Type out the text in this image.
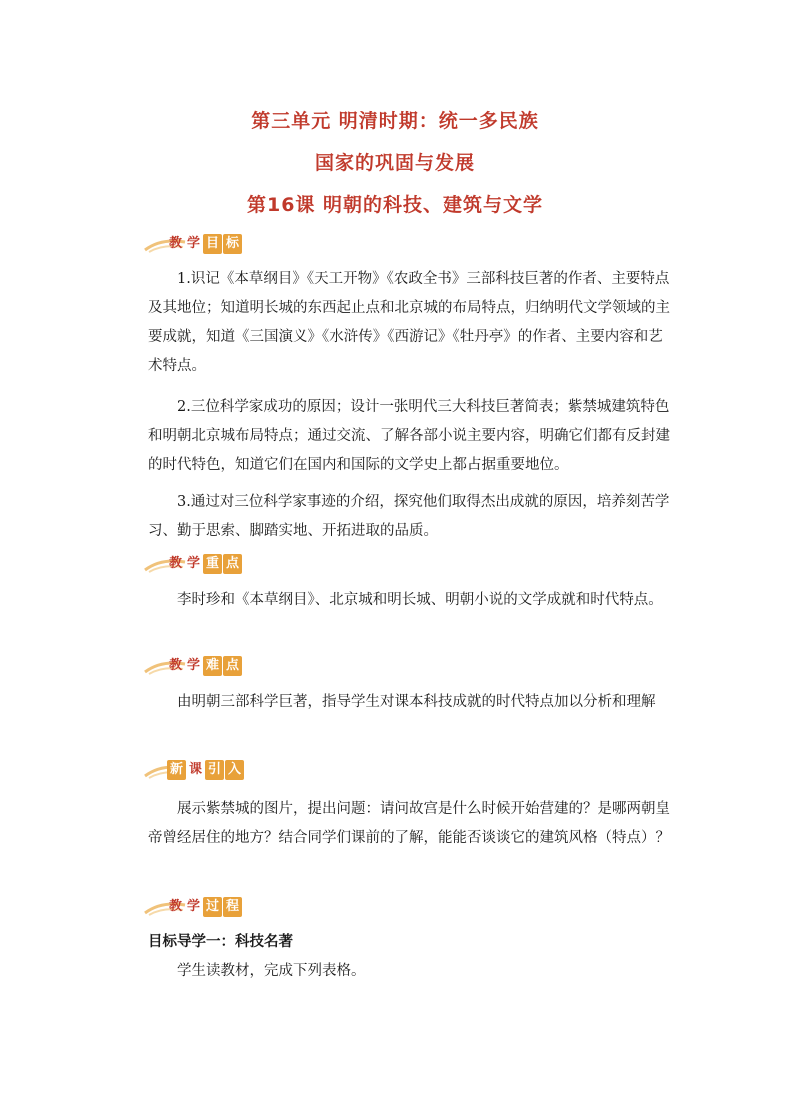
第三单元 明清时期：统一多民族
国家的巩固与发展
第16课 明朝的科技、建筑与文学
教 学 目 标

1.识记《本草纲目》《天工开物》《农政全书》三部科技巨著的作者、主要特点及其地位；知道明长城的东西起止点和北京城的布局特点，归纳明代文学领域的主要成就，知道《三国演义》《水浒传》《西游记》《牡丹亭》的作者、主要内容和艺术特点。

2.三位科学家成功的原因；设计一张明代三大科技巨著简表；紫禁城建筑特色和明朝北京城布局特点；通过交流、了解各部小说主要内容，明确它们都有反封建的时代特色，知道它们在国内和国际的文学史上都占据重要地位。

3.通过对三位科学家事迹的介绍，探究他们取得杰出成就的原因，培养刻苦学习、勤于思索、脚踏实地、开拓进取的品质。

教 学 重 点

李时珍和《本草纲目》、北京城和明长城、明朝小说的文学成就和时代特点。

教 学 难 点

由明朝三部科学巨著，指导学生对课本科技成就的时代特点加以分析和理解

新 课 引 入

展示紫禁城的图片，提出问题：请问故宫是什么时候开始营建的？是哪两朝皇帝曾经居住的地方？结合同学们课前的了解，能能否谈谈它的建筑风格（特点）？

教 学 过 程
目标导学一：科技名著

学生读教材，完成下列表格。
